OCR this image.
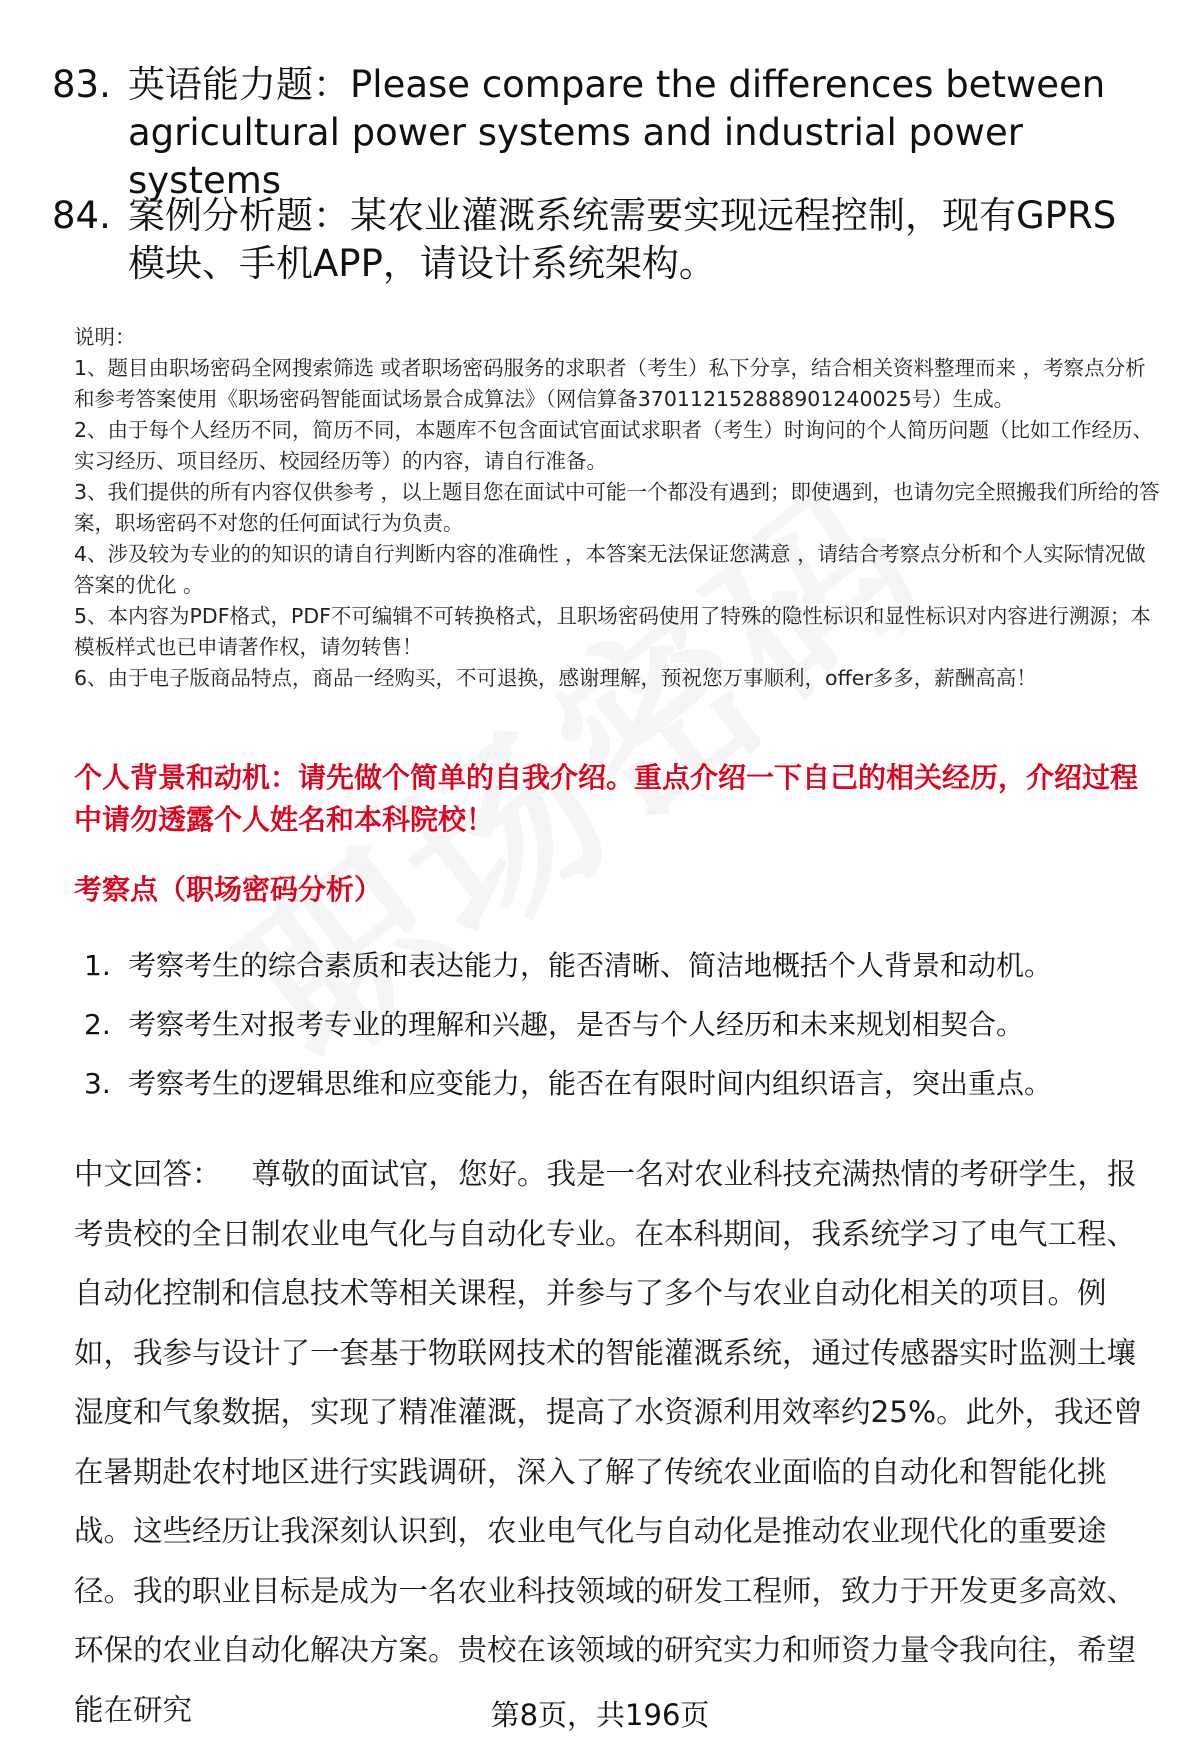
83. 英语能力题：Please compare the differences between agricultural power systems and industrial power systems
84. 案例分析题：某农业灌溉系统需要实现远程控制，现有GPRS模块、手机APP，请设计系统架构。

说明：

1、题目由职场密码全网搜索筛选 或者职场密码服务的求职者（考生）私下分享，结合相关资料整理而来 ，考察点分析和参考答案使用《职场密码智能面试场景合成算法》（网信算备370112152888901240025号）生成。

2、由于每个人经历不同，简历不同，本题库不包含面试官面试求职者（考生）时询问的个人简历问题（比如工作经历、实习经历、项目经历、校园经历等）的内容，请自行准备。

3、我们提供的所有内容仅供参考 ，以上题目您在面试中可能一个都没有遇到；即使遇到，也请勿完全照搬我们所给的答案，职场密码不对您的任何面试行为负责。

4、涉及较为专业的的知识的请自行判断内容的准确性 ，本答案无法保证您满意 ，请结合考察点分析和个人实际情况做答案的优化 。

5、本内容为PDF格式，PDF不可编辑不可转换格式，且职场密码使用了特殊的隐性标识和显性标识对内容进行溯源；本模板样式也已申请著作权，请勿转售！

6、由于电子版商品特点，商品一经购买，不可退换，感谢理解，预祝您万事顺利，offer多多，薪酬高高！

个人背景和动机：请先做个简单的自我介绍。重点介绍一下自己的相关经历，介绍过程中请勿透露个人姓名和本科院校！
考察点（职场密码分析）
1. 考察考生的综合素质和表达能力，能否清晰、简洁地概括个人背景和动机。
2. 考察考生对报考专业的理解和兴趣，是否与个人经历和未来规划相契合。
3. 考察考生的逻辑思维和应变能力，能否在有限时间内组织语言，突出重点。

中文回答： 尊敬的面试官，您好。我是一名对农业科技充满热情的考研学生，报考贵校的全日制农业电气化与自动化专业。在本科期间，我系统学习了电气工程、自动化控制和信息技术等相关课程，并参与了多个与农业自动化相关的项目。例如，我参与设计了一套基于物联网技术的智能灌溉系统，通过传感器实时监测土壤湿度和气象数据，实现了精准灌溉，提高了水资源利用效率约25%。此外，我还曾在暑期赴农村地区进行实践调研，深入了解了传统农业面临的自动化和智能化挑战。这些经历让我深刻认识到，农业电气化与自动化是推动农业现代化的重要途径。我的职业目标是成为一名农业科技领域的研发工程师，致力于开发更多高效、环保的农业自动化解决方案。贵校在该领域的研究实力和师资力量令我向往，希望能在研究	第8页，共196页
